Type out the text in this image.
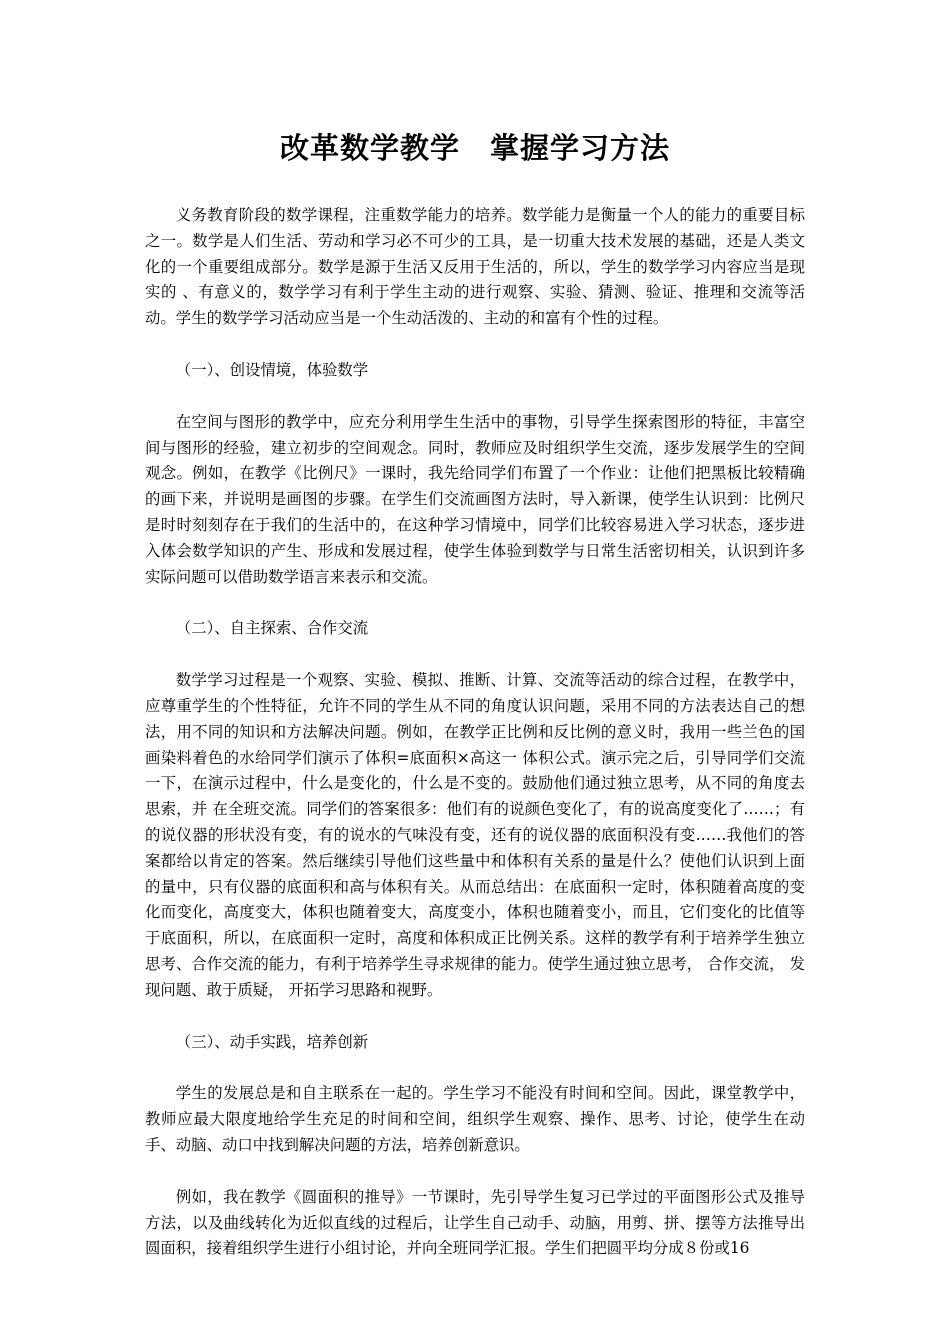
改革数学教学　掌握学习方法

义务教育阶段的数学课程，注重数学能力的培养。数学能力是衡量一个人的能力的重要目标之一。数学是人们生活、劳动和学习必不可少的工具，是一切重大技术发展的基础，还是人类文化的一个重要组成部分。数学是源于生活又反用于生活的，所以，学生的数学学习内容应当是现实的 、有意义的，数学学习有利于学生主动的进行观察、实验、猜测、验证、推理和交流等活动。学生的数学学习活动应当是一个生动活泼的、主动的和富有个性的过程。

（一）、创设情境，体验数学

在空间与图形的教学中，应充分利用学生生活中的事物，引导学生探索图形的特征，丰富空间与图形的经验，建立初步的空间观念。同时，教师应及时组织学生交流，逐步发展学生的空间观念。例如，在教学《比例尺》一课时，我先给同学们布置了一个作业：让他们把黑板比较精确的画下来，并说明是画图的步骤。在学生们交流画图方法时，导入新课，使学生认识到：比例尺是时时刻刻存在于我们的生活中的，在这种学习情境中，同学们比较容易进入学习状态，逐步进入体会数学知识的产生、形成和发展过程，使学生体验到数学与日常生活密切相关，认识到许多实际问题可以借助数学语言来表示和交流。

（二）、自主探索、合作交流

数学学习过程是一个观察、实验、模拟、推断、计算、交流等活动的综合过程，在教学中，应尊重学生的个性特征，允许不同的学生从不同的角度认识问题，采用不同的方法表达自己的想法，用不同的知识和方法解决问题。例如，在教学正比例和反比例的意义时，我用一些兰色的国画染料着色的水给同学们演示了体积=底面积×高这一 体积公式。演示完之后，引导同学们交流一下，在演示过程中，什么是变化的，什么是不变的。鼓励他们通过独立思考，从不同的角度去思索，并 在全班交流。同学们的答案很多：他们有的说颜色变化了，有的说高度变化了……；有的说仪器的形状没有变，有的说水的气味没有变，还有的说仪器的底面积没有变……我他们的答案都给以肯定的答案。然后继续引导他们这些量中和体积有关系的量是什么？使他们认识到上面的量中，只有仪器的底面积和高与体积有关。从而总结出：在底面积一定时，体积随着高度的变化而变化，高度变大，体积也随着变大，高度变小，体积也随着变小，而且，它们变化的比值等于底面积，所以，在底面积一定时，高度和体积成正比例关系。这样的教学有利于培养学生独立思考、合作交流的能力，有利于培养学生寻求规律的能力。使学生通过独立思考， 合作交流， 发现问题、敢于质疑， 开拓学习思路和视野。

（三）、动手实践，培养创新

学生的发展总是和自主联系在一起的。学生学习不能没有时间和空间。因此，课堂教学中，教师应最大限度地给学生充足的时间和空间，组织学生观察、操作、思考、讨论，使学生在动手、动脑、动口中找到解决问题的方法，培养创新意识。

例如，我在教学《圆面积的推导》一节课时，先引导学生复习已学过的平面图形公式及推导方法，以及曲线转化为近似直线的过程后，让学生自己动手、动脑，用剪、拼、摆等方法推导出圆面积，接着组织学生进行小组讨论，并向全班同学汇报。学生们把圆平均分成８份或16
